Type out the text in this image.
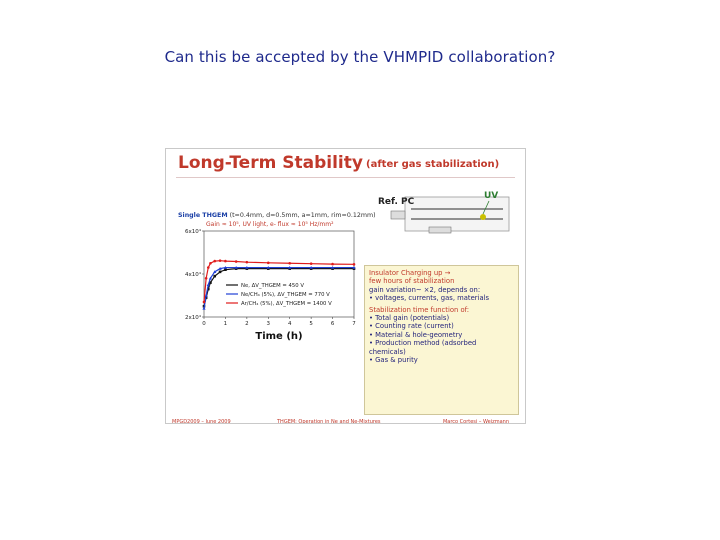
Can this be accepted by the VHMPID collaboration?
Long-Term Stability (after gas stabilization)
Single THGEM (t=0.4mm, d=0.5mm, a=1mm, rim=0.12mm)
Gain ≈ 10⁵, UV light, e- flux ≈ 10⁵ Hz/mm²
Ref. PC
UV
2x10⁴
4x10⁴
6x10⁴
0	1	2	3	4	5	6	7
Time (h)
Ne, ΔV_THGEM = 450 V
Ne/CH₄ (5%), ΔV_THGEM = 770 V
Ar/CH₄ (5%), ΔV_THGEM = 1400 V
Insulator Charging up →
few hours of stabilization
gain variation~ ×2, depends on:
• voltages, currents, gas, materials
Stabilization time function of:
• Total gain (potentials)
• Counting rate (current)
• Material & hole-geometry
• Production method (adsorbed chemicals)
• Gas & purity
MPGD2009 – June 2009	THGEM: Operation in Ne and Ne-Mixtures	Marco Cortesi – Weizmann
